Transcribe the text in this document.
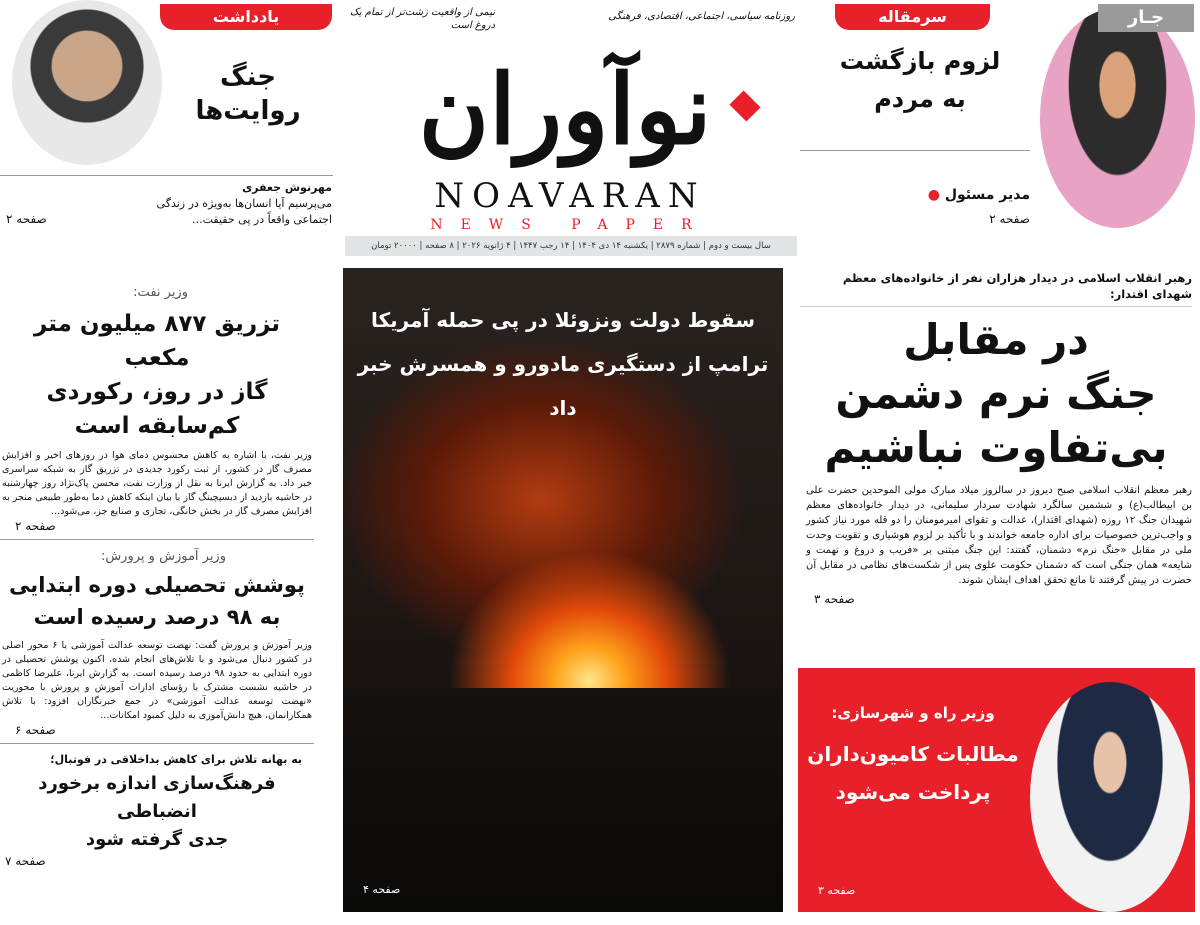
یادداشت
جنگ
روایت‌ها
مهرنوش جعفری
می‌پرسیم آیا انسان‌ها به‌ویژه در زندگی
اجتماعی واقعاً در پی حقیقت...
صفحه ۲
روزنامه سیاسی، اجتماعی، اقتصادی، فرهنگی
نیمی از واقعیت زشت‌تر از تمام یک دروغ است
نوآوران
NOAVARAN
NEWS PAPER
سال بیست و دوم | شماره ۲۸۷۹ | یکشنبه ۱۴ دی ۱۴۰۴ | ۱۴ رجب ۱۴۴۷ | ۴ ژانویه ۲۰۲۶ | ۸ صفحه | ۲۰۰۰۰ تومان
سرمقاله
لزوم بازگشت
به مردم
مدیر مسئول ●
صفحه ۲
جـار
رهبر انقلاب اسلامی در دیدار هزاران نفر از خانواده‌های معظم شهدای اقتدار:
در مقابل
جنگ نرم دشمن
بی‌تفاوت نباشیم
رهبر معظم انقلاب اسلامی صبح دیروز در سالروز میلاد مبارک مولی الموحدین حضرت علی بن ابیطالب(ع) و ششمین سالگرد شهادت سردار سلیمانی، در دیدار خانواده‌های معظم شهیدان جنگ ۱۲ روزه (شهدای اقتدار)، عدالت و تقوای امیرمومنان را دو قله مورد نیاز کشور و واجب‌ترین خصوصیات برای اداره جامعه خواندند و با تأکید بر لزوم هوشیاری و تقویت وحدت ملی در مقابل «جنگ نرم» دشمنان، گفتند: این جنگ مبتنی بر «فریب و دروغ و تهمت و شایعه» همان جنگی است که دشمنان حکومت علوی پس از شکست‌های نظامی در مقابل آن حضرت در پیش گرفتند تا مانع تحقق اهداف ایشان شوند.
صفحه ۳
وزیر راه و شهرسازی:
مطالبات کامیون‌داران
پرداخت می‌شود
صفحه ۳
سقوط دولت ونزوئلا در پی حمله آمریکا
ترامپ از دستگیری مادورو و همسرش خبر داد
صفحه ۴
وزیر نفت:
تزریق ۸۷۷ میلیون متر مکعب
گاز در روز، رکوردی
کم‌سابقه است
وزیر نفت، با اشاره به کاهش محسوس دمای هوا در روزهای اخیر و افزایش مصرف گاز در کشور، از ثبت رکورد جدیدی در تزریق گاز به شبکه سراسری خبر داد. به گزارش ایرنا به نقل از وزارت نفت، محسن پاک‌نژاد روز چهارشنبه در حاشیه بازدید از دیسپچینگ گاز با بیان اینکه کاهش دما به‌طور طبیعی منجر به افزایش مصرف گاز در بخش خانگی، تجاری و صنایع جز، می‌شود...
صفحه ۲
وزیر آموزش و پرورش:
پوشش تحصیلی دوره ابتدایی
به ۹۸ درصد رسیده است
وزیر آموزش و پرورش گفت: نهضت توسعه عدالت آموزشی با ۶ محور اصلی در کشور دنبال می‌شود و با تلاش‌های انجام شده، اکنون پوشش تحصیلی در دوره ابتدایی به حدود ۹۸ درصد رسیده است. به گزارش ایرنا، علیرضا کاظمی در حاشیه نشست مشترک با رؤسای ادارات آموزش و پرورش با محوریت «نهضت توسعه عدالت آموزشی» در جمع خبرنگاران افزود: با تلاش همکارانمان، هیچ دانش‌آموزی به دلیل کمبود امکانات...
صفحه ۶
به بهانه تلاش برای کاهش بداخلاقی در فوتبال؛
فرهنگ‌سازی اندازه برخورد انضباطی
جدی گرفته شود
صفحه ۷
